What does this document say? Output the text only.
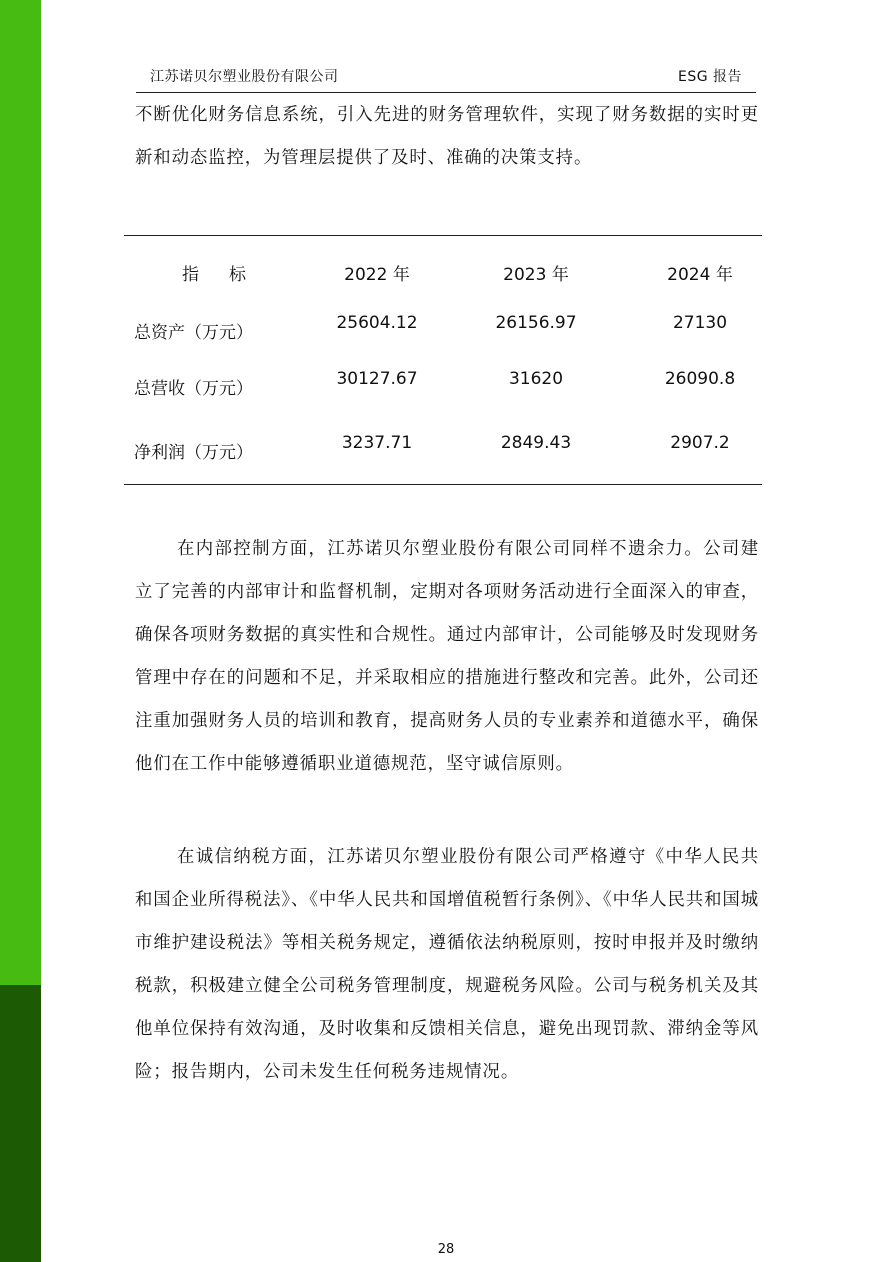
江苏诺贝尔塑业股份有限公司	ESG 报告

不断优化财务信息系统，引入先进的财务管理软件，实现了财务数据的实时更新和动态监控，为管理层提供了及时、准确的决策支持。

指标	2022 年	2023 年	2024 年
总资产（万元）	25604.12	26156.97	27130
总营收（万元）	30127.67	31620	26090.8
净利润（万元）	3237.71	2849.43	2907.2

在内部控制方面，江苏诺贝尔塑业股份有限公司同样不遗余力。公司建立了完善的内部审计和监督机制，定期对各项财务活动进行全面深入的审查，确保各项财务数据的真实性和合规性。通过内部审计，公司能够及时发现财务管理中存在的问题和不足，并采取相应的措施进行整改和完善。此外，公司还注重加强财务人员的培训和教育，提高财务人员的专业素养和道德水平，确保他们在工作中能够遵循职业道德规范，坚守诚信原则。

在诚信纳税方面，江苏诺贝尔塑业股份有限公司严格遵守《中华人民共和国企业所得税法》、《中华人民共和国增值税暂行条例》、《中华人民共和国城市维护建设税法》等相关税务规定，遵循依法纳税原则，按时申报并及时缴纳税款，积极建立健全公司税务管理制度，规避税务风险。公司与税务机关及其他单位保持有效沟通，及时收集和反馈相关信息，避免出现罚款、滞纳金等风险；报告期内，公司未发生任何税务违规情况。

28
